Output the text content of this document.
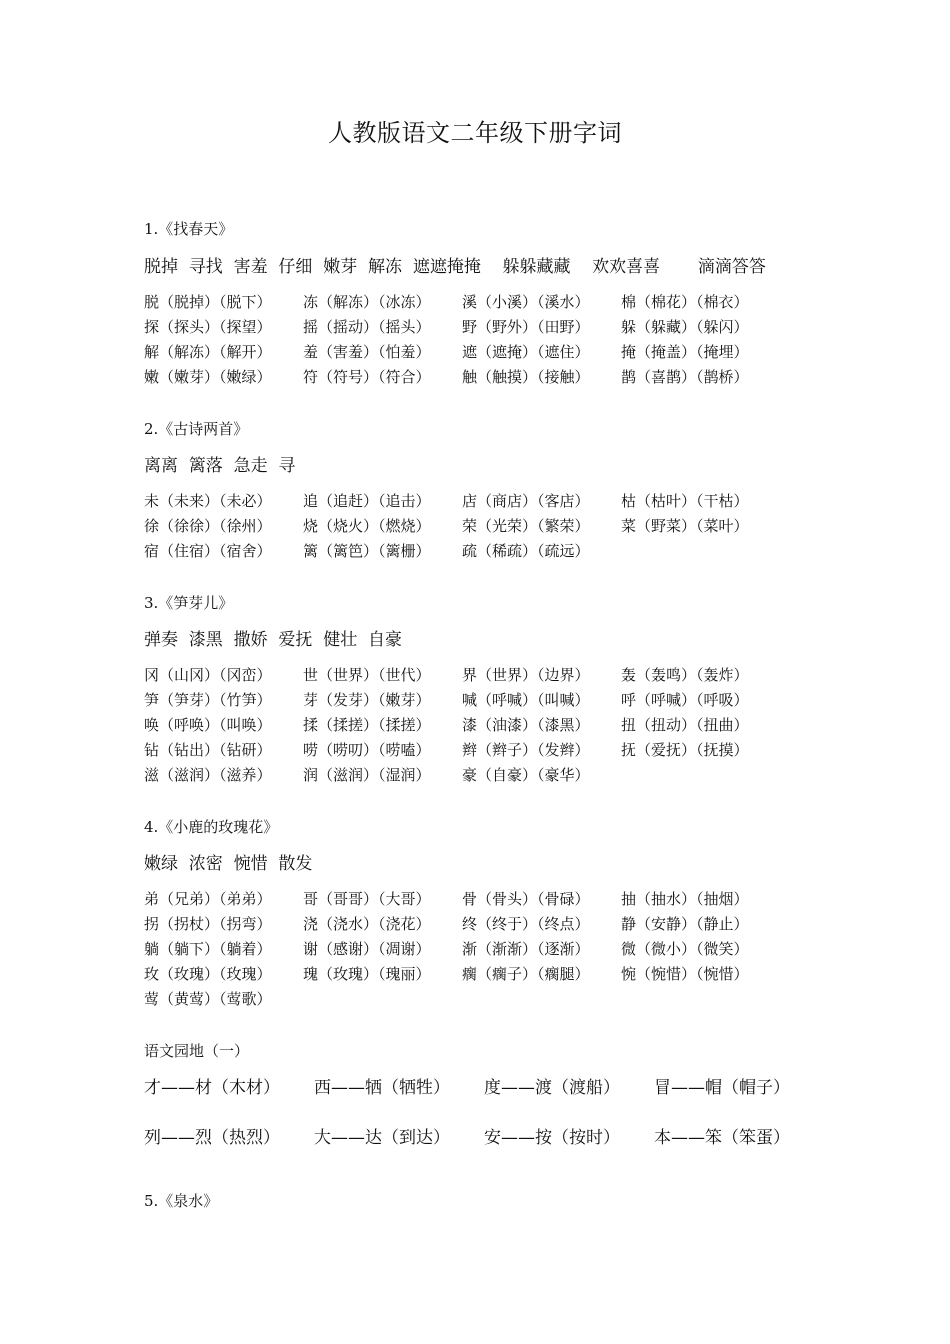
人教版语文二年级下册字词
1.《找春天》
脱掉  寻找  害羞  仔细  嫩芽  解冻  遮遮掩掩    躲躲藏藏    欢欢喜喜       滴滴答答
脱（脱掉）（脱下）	冻（解冻）（冰冻）	溪（小溪）（溪水）	棉（棉花）（棉衣）
探（探头）（探望）	摇（摇动）（摇头）	野（野外）（田野）	躲（躲藏）（躲闪）
解（解冻）（解开）	羞（害羞）（怕羞）	遮（遮掩）（遮住）	掩（掩盖）（掩埋）
嫩（嫩芽）（嫩绿）	符（符号）（符合）	触（触摸）（接触）	鹊（喜鹊）（鹊桥）
2.《古诗两首》
离离  篱落  急走  寻
未（未来）（未必）	追（追赶）（追击）	店（商店）（客店）	枯（枯叶）（干枯）
徐（徐徐）（徐州）	烧（烧火）（燃烧）	荣（光荣）（繁荣）	菜（野菜）（菜叶）
宿（住宿）（宿舍）	篱（篱笆）（篱栅）	疏（稀疏）（疏远）
3.《笋芽儿》
弹奏  漆黑  撒娇  爱抚  健壮  自豪
冈（山冈）（冈峦）	世（世界）（世代）	界（世界）（边界）	轰（轰鸣）（轰炸）
笋（笋芽）（竹笋）	芽（发芽）（嫩芽）	喊（呼喊）（叫喊）	呼（呼喊）（呼吸）
唤（呼唤）（叫唤）	揉（揉搓）（揉搓）	漆（油漆）（漆黑）	扭（扭动）（扭曲）
钻（钻出）（钻研）	唠（唠叨）（唠嗑）	辫（辫子）（发辫）	抚（爱抚）（抚摸）
滋（滋润）（滋养）	润（滋润）（湿润）	豪（自豪）（豪华）
4.《小鹿的玫瑰花》
嫩绿  浓密  惋惜  散发
弟（兄弟）（弟弟）	哥（哥哥）（大哥）	骨（骨头）（骨碌）	抽（抽水）（抽烟）
拐（拐杖）（拐弯）	浇（浇水）（浇花）	终（终于）（终点）	静（安静）（静止）
躺（躺下）（躺着）	谢（感谢）（凋谢）	渐（渐渐）（逐渐）	微（微小）（微笑）
玫（玫瑰）（玫瑰）	瑰（玫瑰）（瑰丽）	瘸（瘸子）（瘸腿）	惋（惋惜）（惋惜）
莺（黄莺）（莺歌）
语文园地（一）
才——材（木材）	西——牺（牺牲）	度——渡（渡船）	冒——帽（帽子）
列——烈（热烈）	大——达（到达）	安——按（按时）	本——笨（笨蛋）
5.《泉水》
